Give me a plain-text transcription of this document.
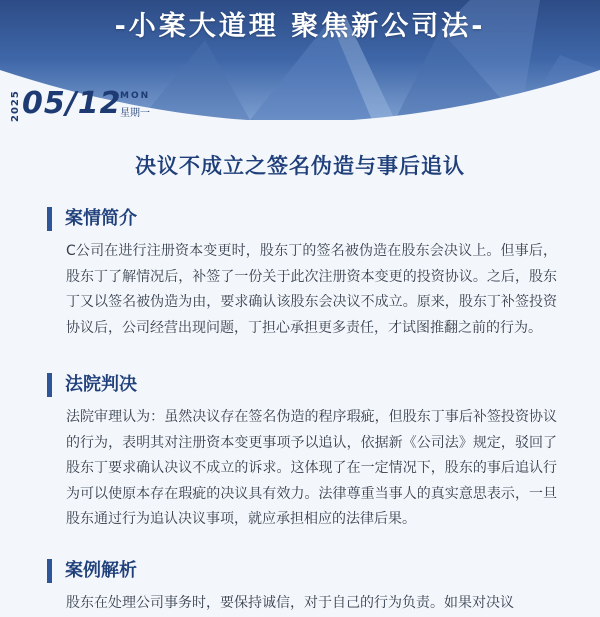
-小案大道理 聚焦新公司法-
2025 05/12
MON
星期一
决议不成立之签名伪造与事后追认
案情简介
C公司在进行注册资本变更时，股东丁的签名被伪造在股东会决议上。但事后，股东丁了解情况后，补签了一份关于此次注册资本变更的投资协议。之后，股东丁又以签名被伪造为由，要求确认该股东会决议不成立。原来，股东丁补签投资协议后，公司经营出现问题，丁担心承担更多责任，才试图推翻之前的行为。
法院判决
法院审理认为：虽然决议存在签名伪造的程序瑕疵，但股东丁事后补签投资协议的行为，表明其对注册资本变更事项予以追认，依据新《公司法》规定，驳回了股东丁要求确认决议不成立的诉求。这体现了在一定情况下，股东的事后追认行为可以使原本存在瑕疵的决议具有效力。法律尊重当事人的真实意思表示，一旦股东通过行为追认决议事项，就应承担相应的法律后果。
案例解析
股东在处理公司事务时，要保持诚信，对于自己的行为负责。如果对决议
